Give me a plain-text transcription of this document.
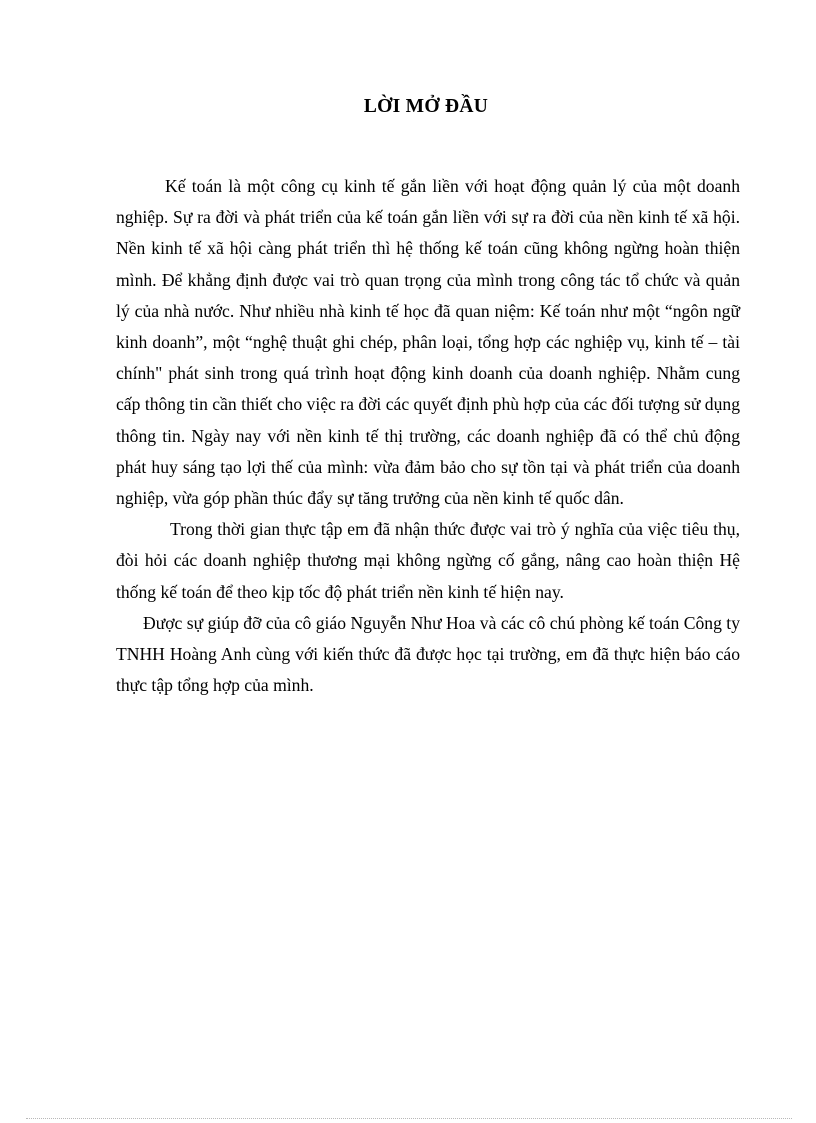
LỜI MỞ ĐẦU

Kế toán là một công cụ kinh tế gắn liền với hoạt động quản lý của một doanh nghiệp. Sự ra đời và phát triển của kế toán gắn liền với sự ra đời của nền kinh tế xã hội. Nền kinh tế xã hội càng phát triển thì hệ thống kế toán cũng không ngừng hoàn thiện mình. Để khẳng định được vai trò quan trọng của mình trong công tác tổ chức và quản lý của nhà nước. Như nhiều nhà kinh tế học đã quan niệm: Kế toán như một “ngôn ngữ kinh doanh”, một “nghệ thuật ghi chép, phân loại, tổng hợp các nghiệp vụ, kinh tế – tài chính" phát sinh trong quá trình hoạt động kinh doanh của doanh nghiệp. Nhằm cung cấp thông tin cần thiết cho việc ra đời các quyết định phù hợp của các đối tượng sử dụng thông tin. Ngày nay với nền kinh tế thị trường, các doanh nghiệp đã có thể chủ động phát huy sáng tạo lợi thế của mình: vừa đảm bảo cho sự tồn tại và phát triển của doanh nghiệp, vừa góp phần thúc đẩy sự tăng trưởng của nền kinh tế quốc dân.

Trong thời gian thực tập em đã nhận thức được vai trò ý nghĩa của việc tiêu thụ, đòi hỏi các doanh nghiệp thương mại không ngừng cố gắng, nâng cao hoàn thiện Hệ thống kế toán để theo kịp tốc độ phát triển nền kinh tế hiện nay.

Được sự giúp đỡ của cô giáo Nguyễn Như Hoa và các cô chú phòng kế toán Công ty TNHH Hoàng Anh cùng với kiến thức đã được học tại trường, em đã thực hiện báo cáo thực tập tổng hợp của mình.
